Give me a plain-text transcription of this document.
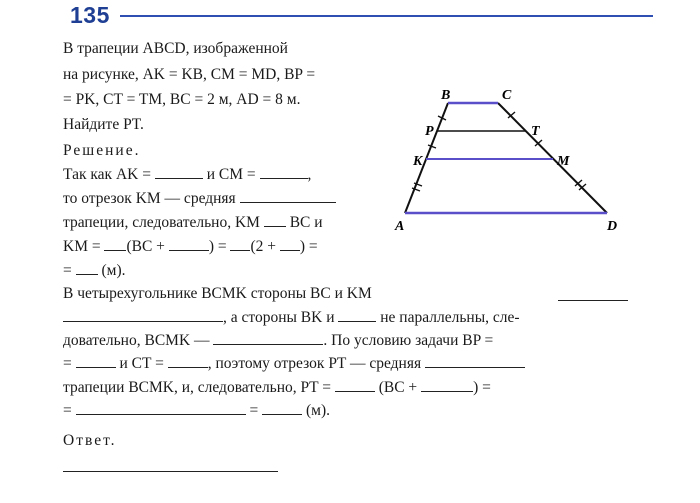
135
В трапеции ABCD, изображенной
на рисунке, AK = KB, CM = MD, BP =
= PK, CT = TM, BC = 2 м, AD = 8 м.
Найдите PT.
Решение.
Так как AK =	и CM =	,
то отрезок KM — средняя
трапеции, следовательно, KM BC и
KM = (BC +	) = (2 + ) =
= (м).
В четырехугольнике BCMK стороны BC и KM
, а стороны BK и	не параллельны, сле-
довательно, BCMK —	. По условию задачи BP =
=	и CT =	, поэтому отрезок PT — средняя
трапеции BCMK, и, следовательно, PT =	(BC +	) =
=	=	(м).
Ответ.
B	C
P	T
K	M
A	D
